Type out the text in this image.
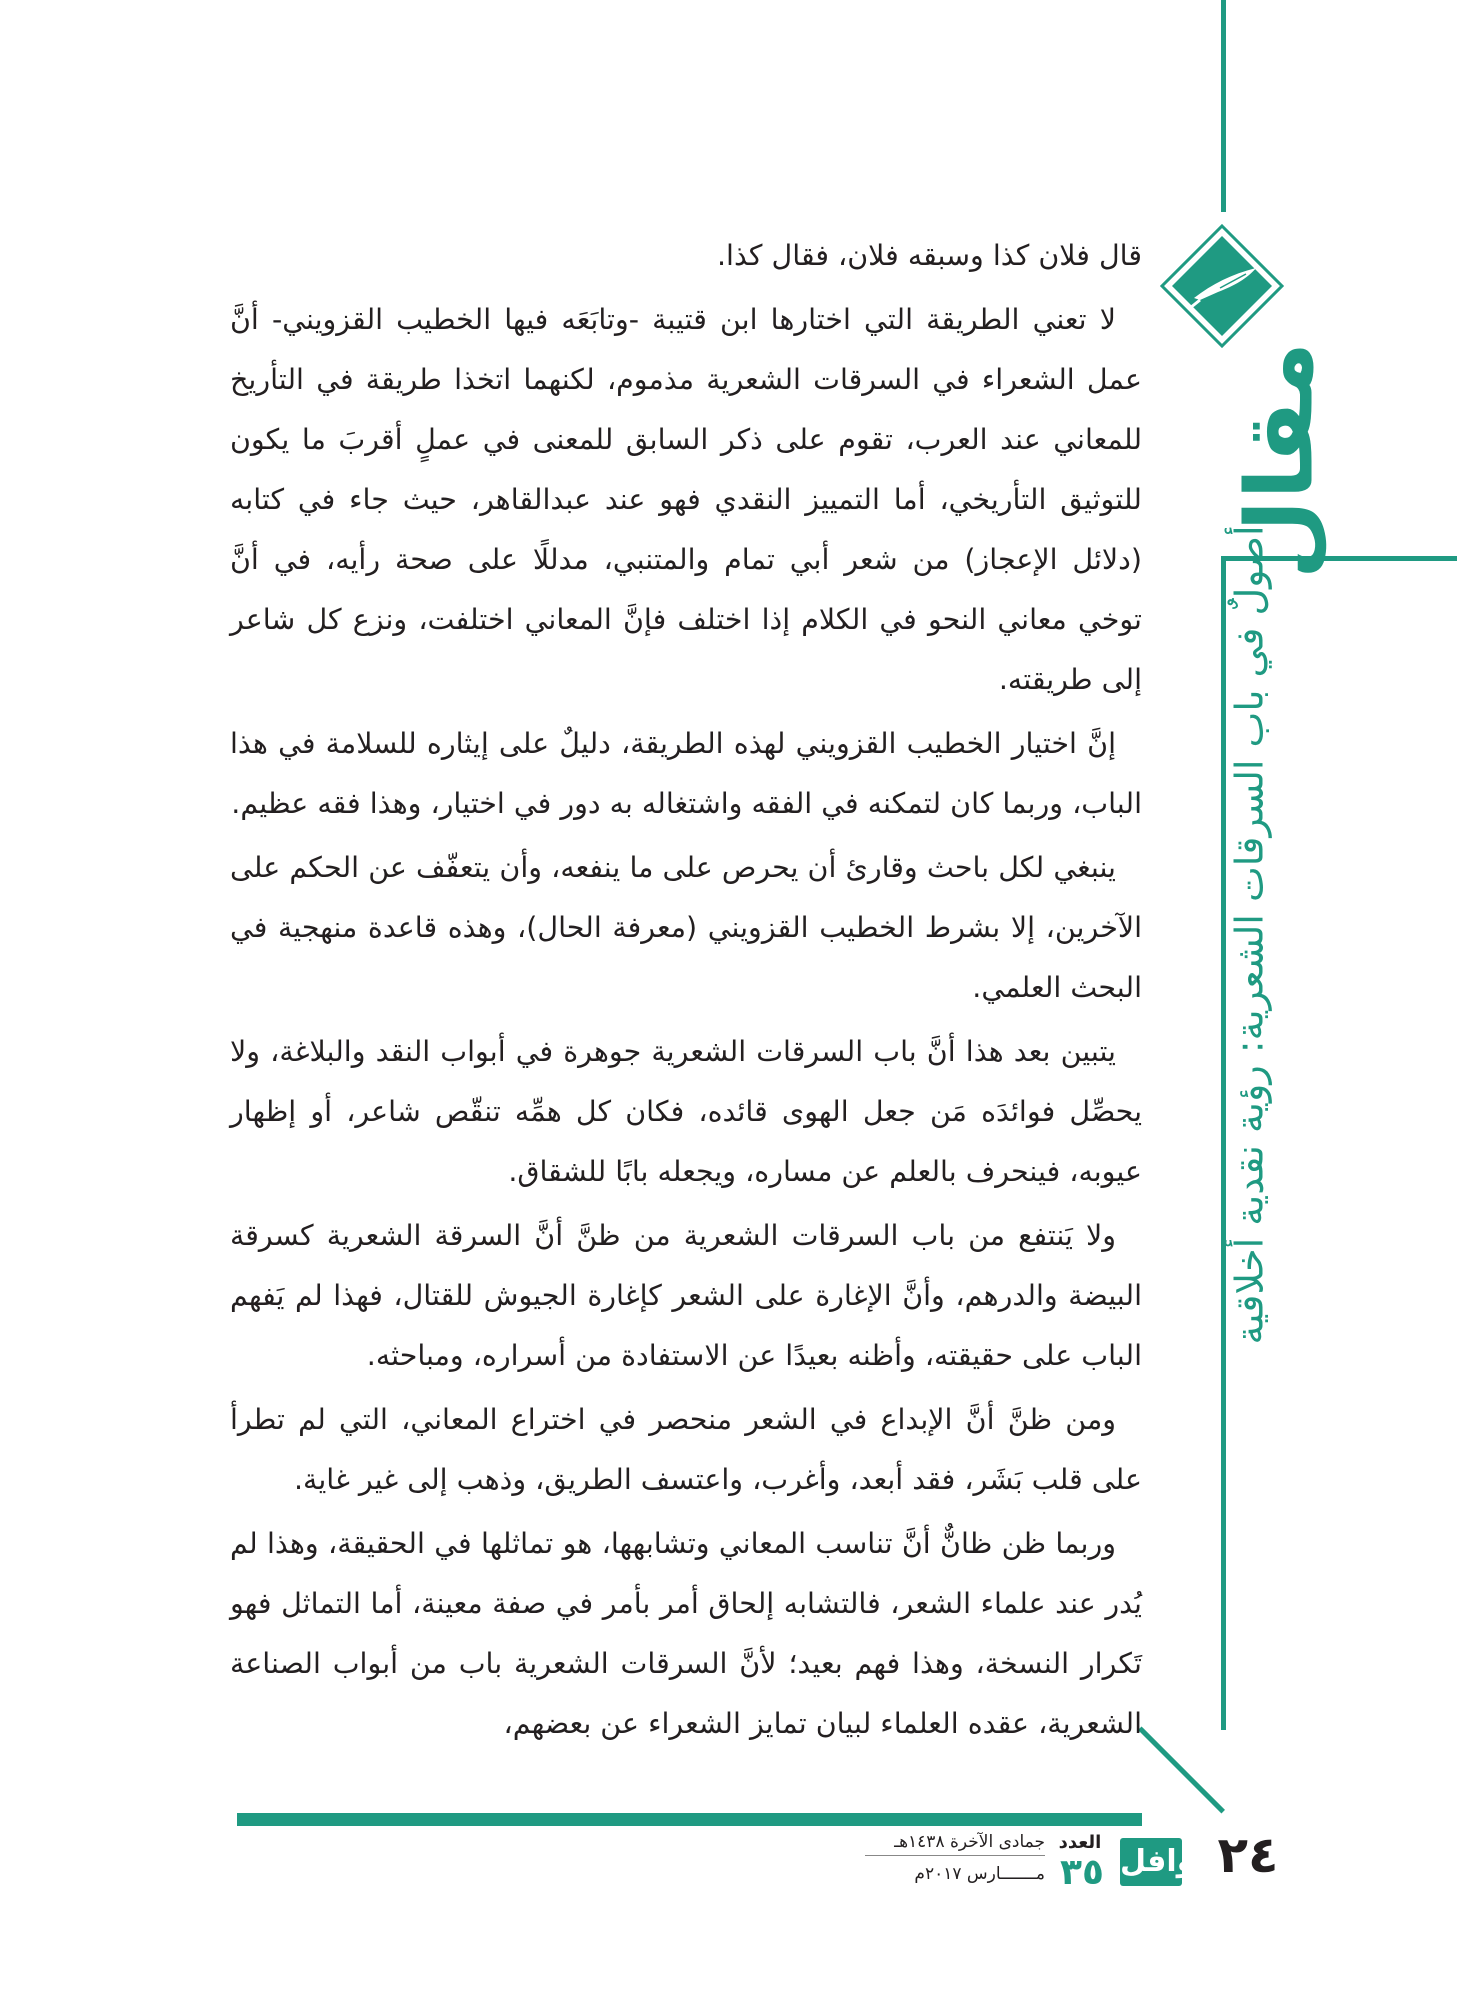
مقال
أصولٌ في باب السرقات الشعرية: رؤية نقدية أخلاقية

قال فلان كذا وسبقه فلان، فقال كذا.

لا تعني الطريقة التي اختارها ابن قتيبة -وتابَعَه فيها الخطيب القزويني- أنَّ عمل الشعراء في السرقات الشعرية مذموم، لكنهما اتخذا طريقة في التأريخ للمعاني عند العرب، تقوم على ذكر السابق للمعنى في عملٍ أقربَ ما يكون للتوثيق التأريخي، أما التمييز النقدي فهو عند عبدالقاهر، حيث جاء في كتابه (دلائل الإعجاز) من شعر أبي تمام والمتنبي، مدللًا على صحة رأيه، في أنَّ توخي معاني النحو في الكلام إذا اختلف فإنَّ المعاني اختلفت، ونزع كل شاعر إلى طريقته.

إنَّ اختيار الخطيب القزويني لهذه الطريقة، دليلٌ على إيثاره للسلامة في هذا الباب، وربما كان لتمكنه في الفقه واشتغاله به دور في اختيار، وهذا فقه عظيم.

ينبغي لكل باحث وقارئ أن يحرص على ما ينفعه، وأن يتعفّف عن الحكم على الآخرين، إلا بشرط الخطيب القزويني (معرفة الحال)، وهذه قاعدة منهجية في البحث العلمي.

يتبين بعد هذا أنَّ باب السرقات الشعرية جوهرة في أبواب النقد والبلاغة، ولا يحصِّل فوائدَه مَن جعل الهوى قائده، فكان كل همِّه تنقّص شاعر، أو إظهار عيوبه، فينحرف بالعلم عن مساره، ويجعله بابًا للشقاق.

ولا يَنتفع من باب السرقات الشعرية من ظنَّ أنَّ السرقة الشعرية كسرقة البيضة والدرهم، وأنَّ الإغارة على الشعر كإغارة الجيوش للقتال، فهذا لم يَفهم الباب على حقيقته، وأظنه بعيدًا عن الاستفادة من أسراره، ومباحثه.

ومن ظنَّ أنَّ الإبداع في الشعر منحصر في اختراع المعاني، التي لم تطرأ على قلب بَشَر، فقد أبعد، وأغرب، واعتسف الطريق، وذهب إلى غير غاية.

وربما ظن ظانٌّ أنَّ تناسب المعاني وتشابهها، هو تماثلها في الحقيقة، وهذا لم يُدر عند علماء الشعر، فالتشابه إلحاق أمر بأمر في صفة معينة، أما التماثل فهو تَكرار النسخة، وهذا فهم بعيد؛ لأنَّ السرقات الشعرية باب من أبواب الصناعة الشعرية، عقده العلماء لبيان تمايز الشعراء عن بعضهم،

٢٤
قوافل
العدد
٣٥
جمادى الآخرة ١٤٣٨هـ
مـــــــارس ٢٠١٧م
